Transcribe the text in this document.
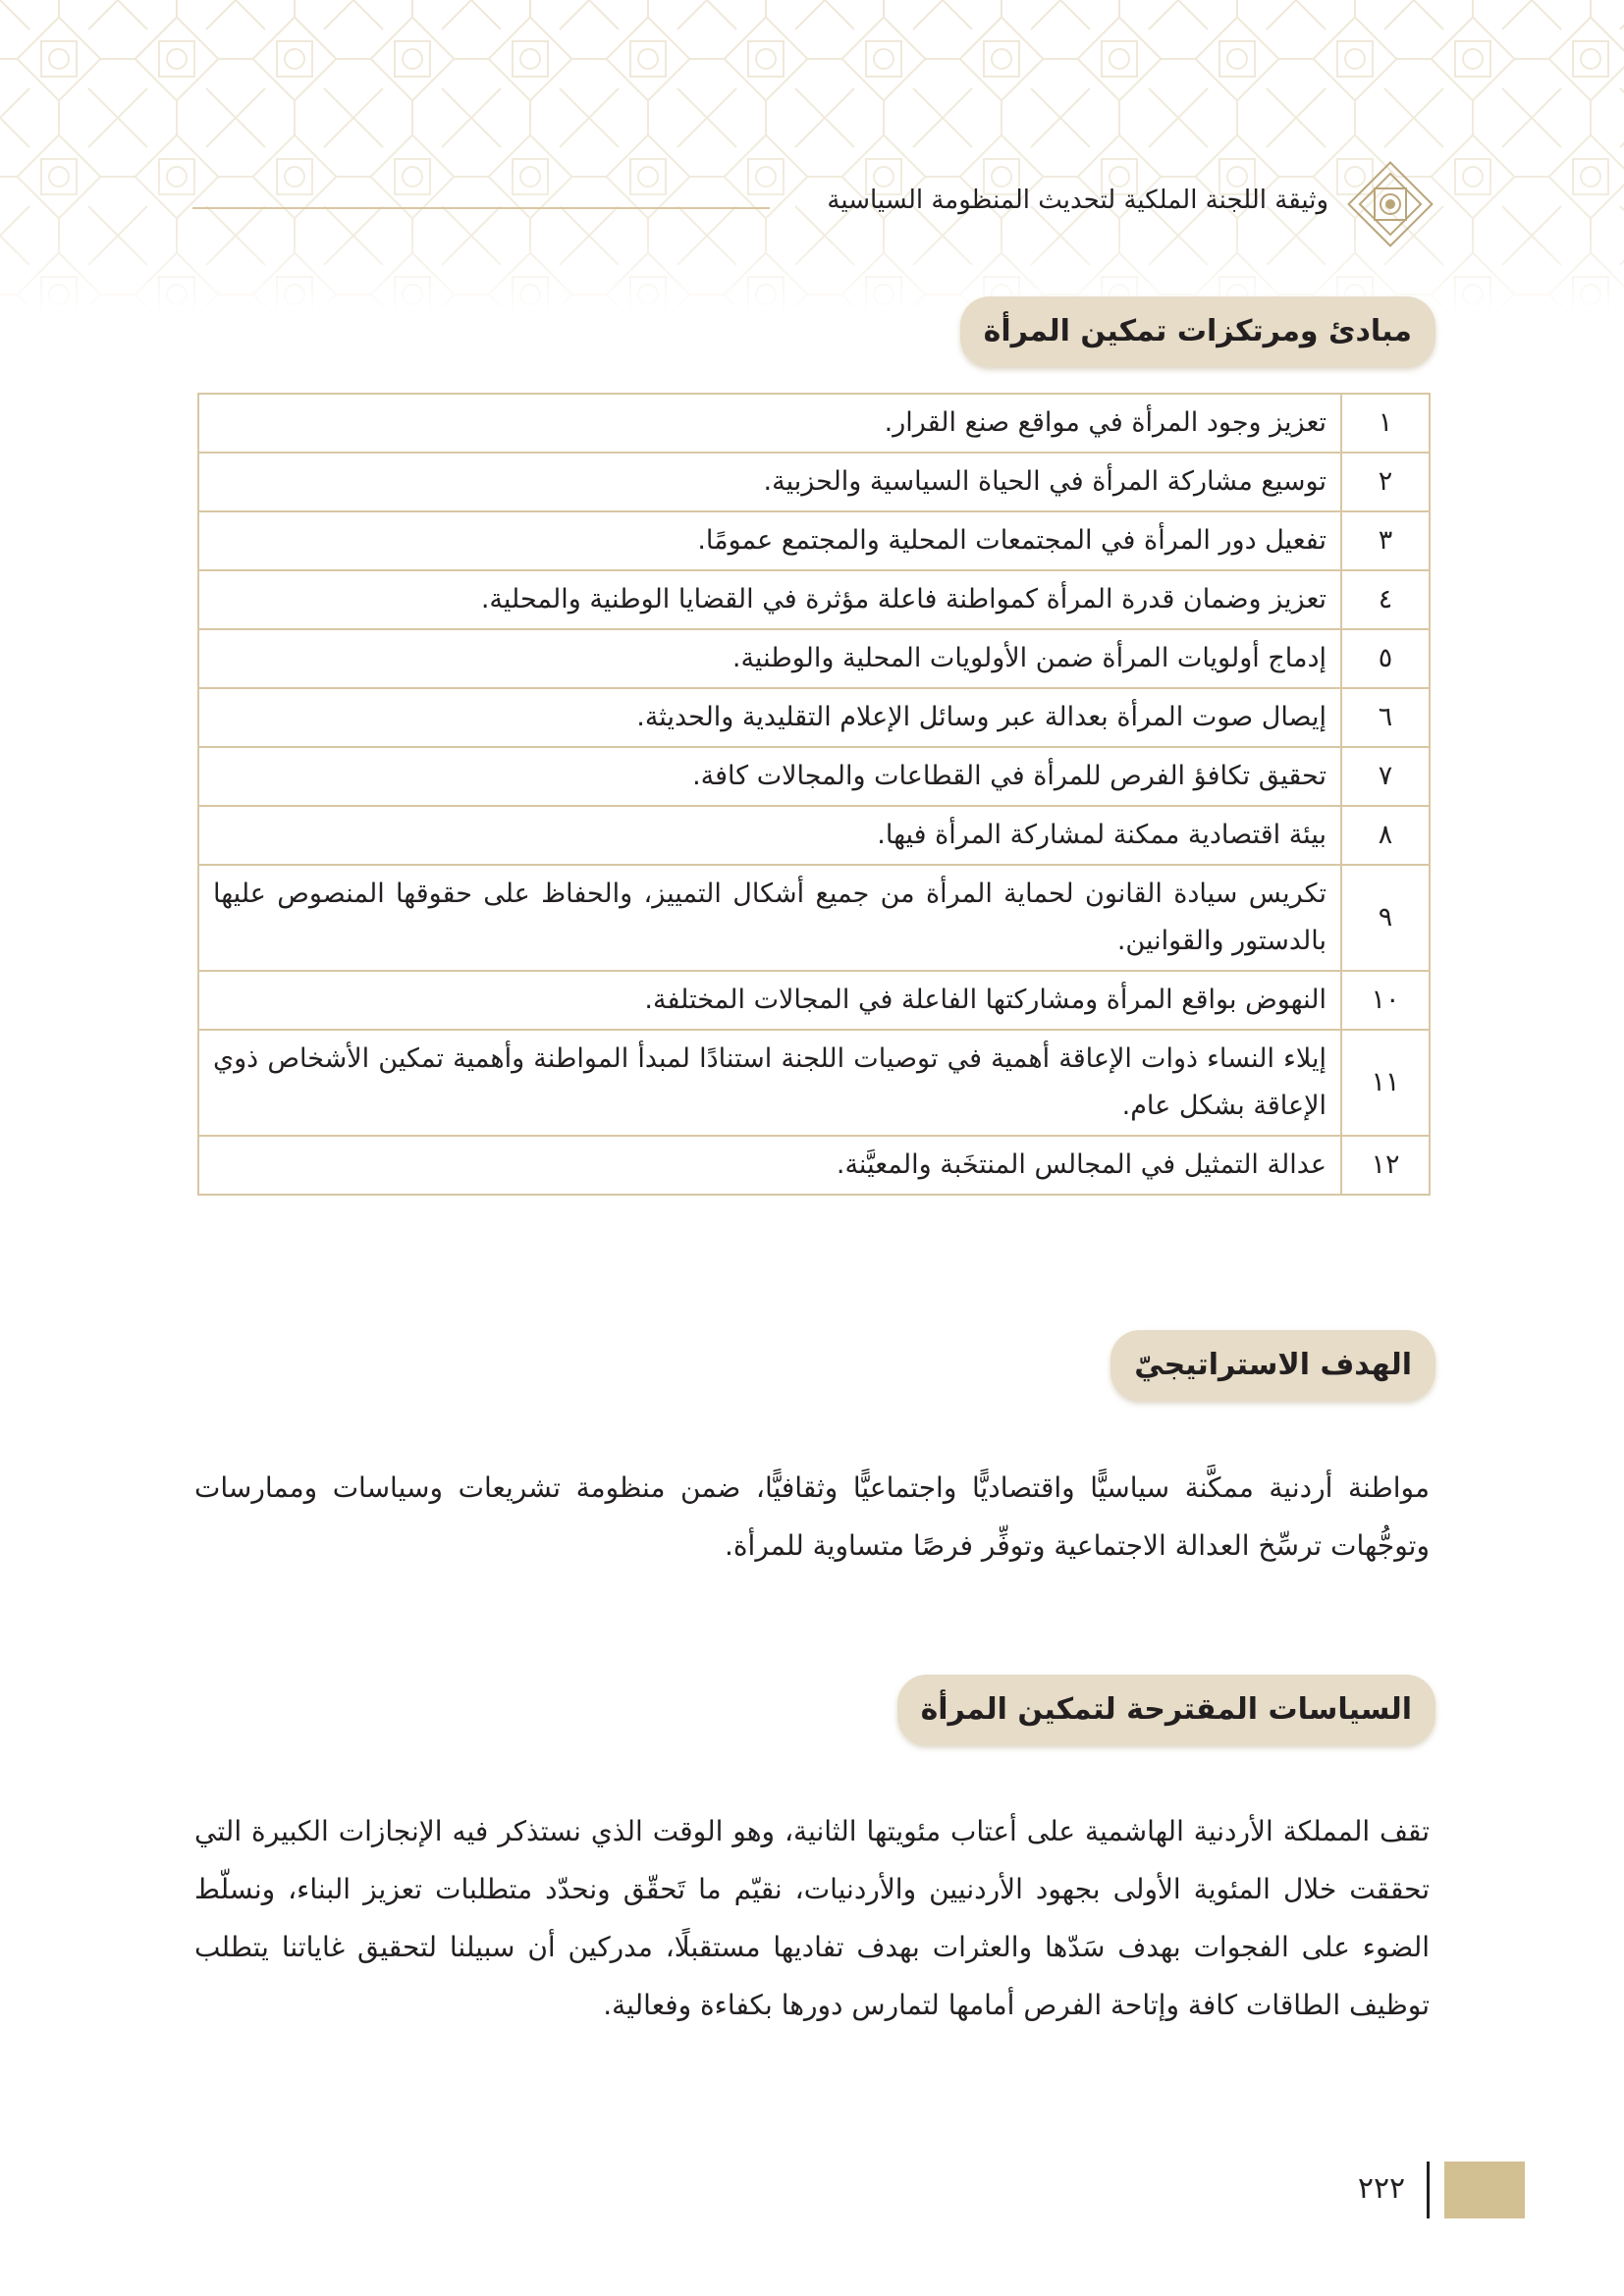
وثيقة اللجنة الملكية لتحديث المنظومة السياسية
مبادئ ومرتكزات تمكين المرأة
١	تعزيز وجود المرأة في مواقع صنع القرار.
٢	توسيع مشاركة المرأة في الحياة السياسية والحزبية.
٣	تفعيل دور المرأة في المجتمعات المحلية والمجتمع عمومًا.
٤	تعزيز وضمان قدرة المرأة كمواطنة فاعلة مؤثرة في القضايا الوطنية والمحلية.
٥	إدماج أولويات المرأة ضمن الأولويات المحلية والوطنية.
٦	إيصال صوت المرأة بعدالة عبر وسائل الإعلام التقليدية والحديثة.
٧	تحقيق تكافؤ الفرص للمرأة في القطاعات والمجالات كافة.
٨	بيئة اقتصادية ممكنة لمشاركة المرأة فيها.
٩	تكريس سيادة القانون لحماية المرأة من جميع أشكال التمييز، والحفاظ على حقوقها المنصوص عليها بالدستور والقوانين.
١٠	النهوض بواقع المرأة ومشاركتها الفاعلة في المجالات المختلفة.
١١	إيلاء النساء ذوات الإعاقة أهمية في توصيات اللجنة استنادًا لمبدأ المواطنة وأهمية تمكين الأشخاص ذوي الإعاقة بشكل عام.
١٢	عدالة التمثيل في المجالس المنتخَبة والمعيَّنة.
الهدف الاستراتيجيّ

مواطنة أردنية ممكَّنة سياسيًّا واقتصاديًّا واجتماعيًّا وثقافيًّا، ضمن منظومة تشريعات وسياسات وممارسات وتوجُّهات ترسِّخ العدالة الاجتماعية وتوفِّر فرصًا متساوية للمرأة.

السياسات المقترحة لتمكين المرأة

تقف المملكة الأردنية الهاشمية على أعتاب مئويتها الثانية، وهو الوقت الذي نستذكر فيه الإنجازات الكبيرة التي تحققت خلال المئوية الأولى بجهود الأردنيين والأردنيات، نقيّم ما تَحقّق ونحدّد متطلبات تعزيز البناء، ونسلّط الضوء على الفجوات بهدف سَدّها والعثرات بهدف تفاديها مستقبلًا، مدركين أن سبيلنا لتحقيق غاياتنا يتطلب توظيف الطاقات كافة وإتاحة الفرص أمامها لتمارس دورها بكفاءة وفعالية.

٢٢٢
